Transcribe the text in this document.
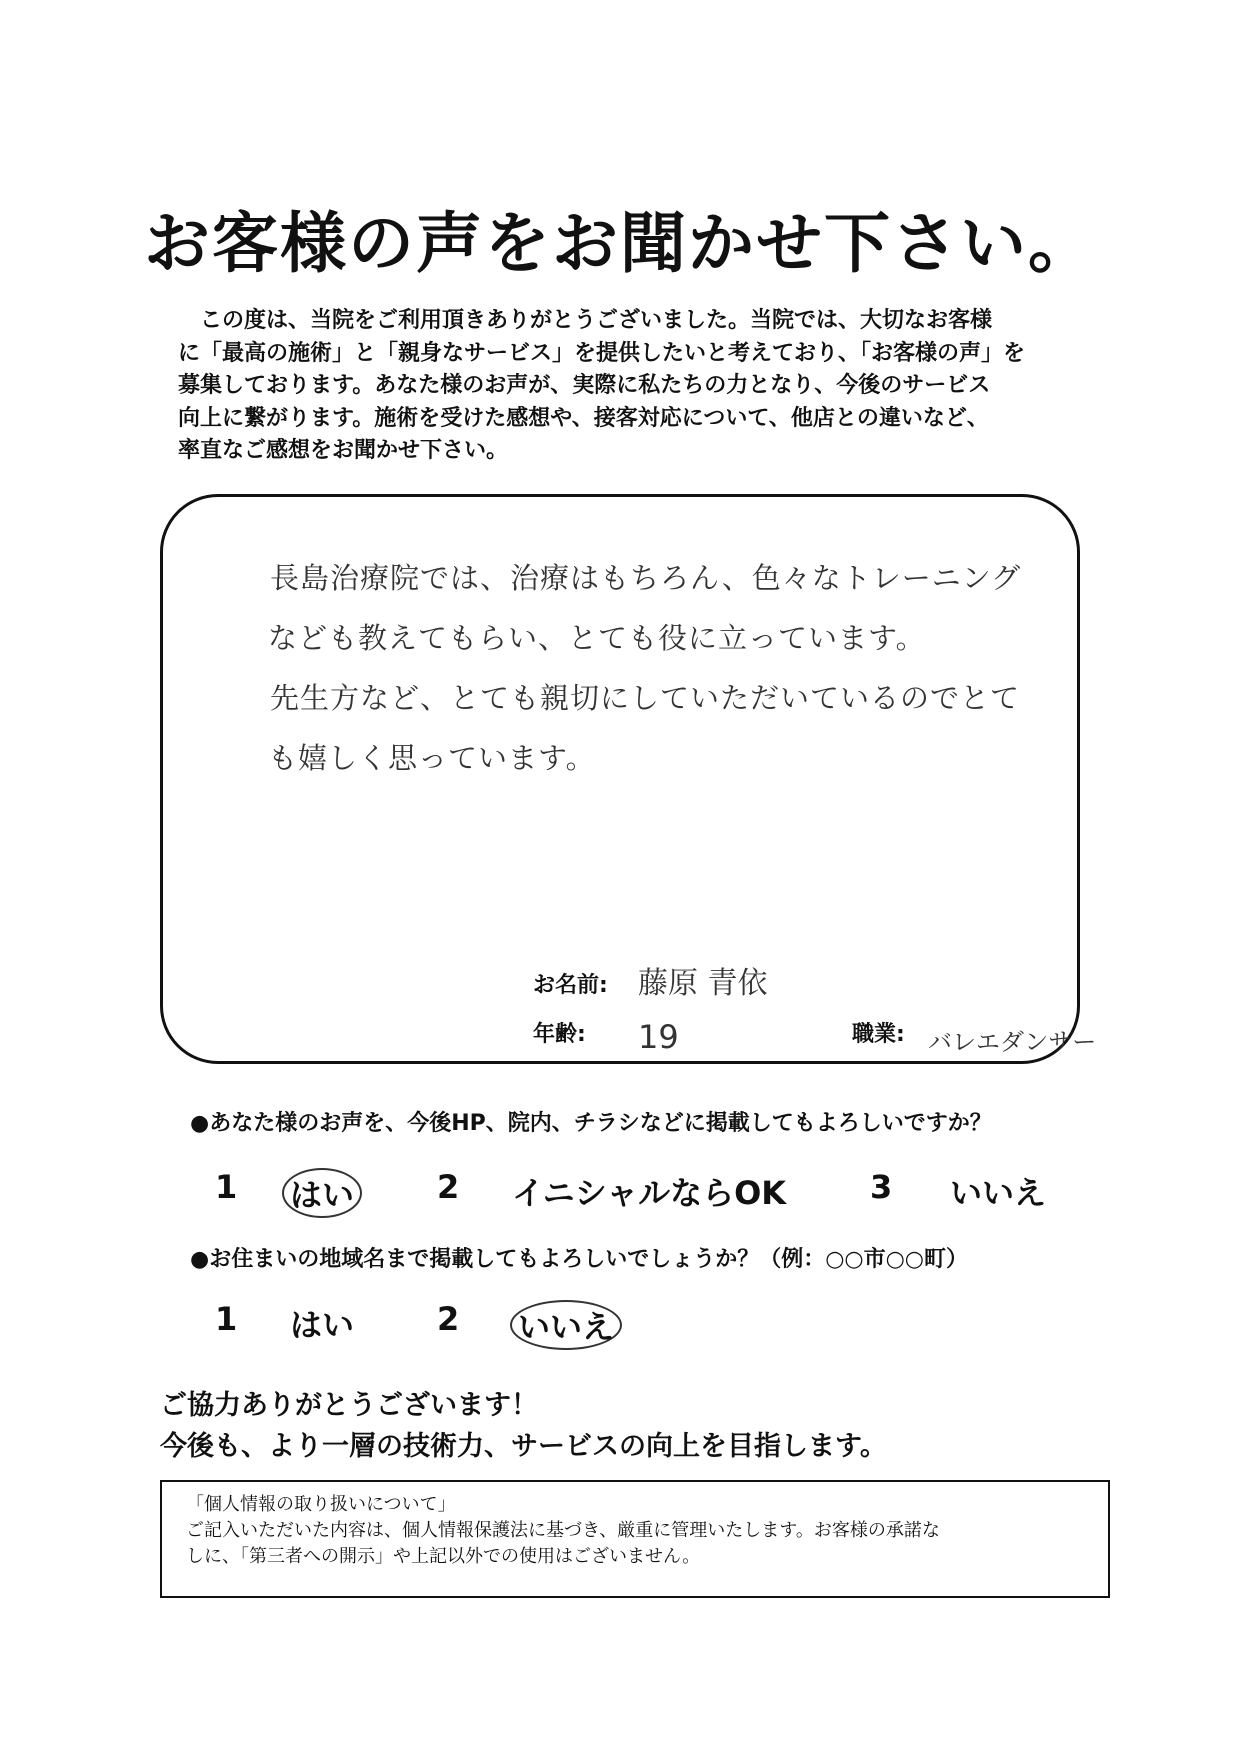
お客様の声をお聞かせ下さい。
この度は、当院をご利用頂きありがとうございました。当院では、大切なお客様
に「最高の施術」と「親身なサービス」を提供したいと考えており、「お客様の声」を
募集しております。あなた様のお声が、実際に私たちの力となり、今後のサービス
向上に繋がります。施術を受けた感想や、接客対応について、他店との違いなど、
率直なご感想をお聞かせ下さい。
長島治療院では、治療はもちろん、色々なトレーニング
なども教えてもらい、とても役に立っています。
先生方など、とても親切にしていただいているのでとて
も嬉しく思っています。
お名前: 藤原 青依
年齢: 19	職業: バレエダンサー
●あなた様のお声を、今後HP、院内、チラシなどに掲載してもよろしいですか？
1 はい	2 イニシャルならOK	3 いいえ
●お住まいの地域名まで掲載してもよろしいでしょうか？（例：○○市○○町）
1 はい	2 いいえ
ご協力ありがとうございます！
今後も、より一層の技術力、サービスの向上を目指します。
「個人情報の取り扱いについて」
ご記入いただいた内容は、個人情報保護法に基づき、厳重に管理いたします。お客様の承諾な
しに、「第三者への開示」や上記以外での使用はございません。
